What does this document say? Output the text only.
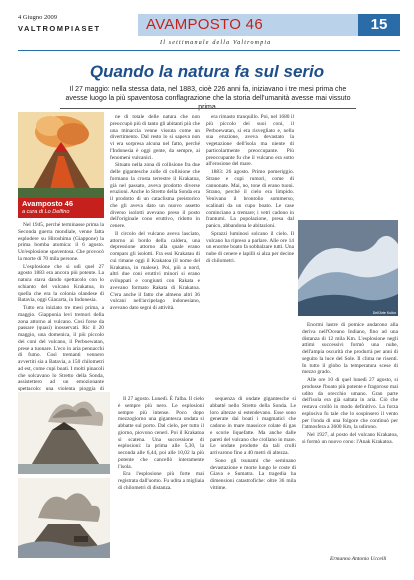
4 Giugno 2009
VALTROMPIASET	AVAMPOSTO 46	15
Il settimanale della Valtrompia
Quando la natura fa sul serio
Il 27 maggio: nella stessa data, nel 1883, cioè 226 anni fa, iniziavano i tre mesi prima che avesse luogo la più spaventosa conflagrazione che la storia dell'umanità avesse mai vissuto
Avamposto 46
a cura di Lo Delfino

Nel 1945, perché terminasse prima la Seconda guerra mondiale, venne fatta esplodere su Hiroshima (Giappone) la prima bomba atomica: il 6 agosto. Un'esplosione spaventosa. Che provocò la morte di 70 mila persone.

L'esplosione che si udì quel 27 agosto 1883 era ancora più potente. La natura stava dando spettacolo con lo schianto del vulcano Krakatoa, in quella che era la colonia olandese di Batavia, oggi Giacarta, in Indonesia.

Tutto era iniziato tre mesi prima, a maggio. Giapponia levi tremori della zona attorno al vulcano. Così forse da passare (quasi) inosservati. Ric il 20 maggio, una domenica, il più piccolo dei coni del vulcano, il Perboewatan, prese a tuonare. L'eco in aria pennacchi di fumo. Così tremanti vennero avvertiti sia a Batavia, a 150 chilometri ad est, come cupi boati. I molti pinacoli che solcavano lo Stretto della Sonda, assistettero ad un emozionante spettacolo: una violenta pioggia di

ne di totale delle natura che non preoccupò più di tanto gli abitanti più che una minaccia venne vissuta come un divertimento. Dal resto lo si sapeva non vi era sorpresa alcuna nel fatto, perché l'Indonesia è oggi gente, da sempre, ai fenomeni vulcanici.

Situato nella zona di collisione fra due delle gigantesche zolle di collisione che formano la crosta terrestre il Krakatoa, già nel passato, aveva prodotto diverse eruzioni. Anche lo Stretto della Sonda era il prodotto di un cataclisma preistorico che gli aveva dato un nuovo assetto diverso isolotti avevano preso il posto dell'originale cono eruttivo, ridotto in cenere.

Il circolo del vulcano aveva lasciato, attorno ai bordo della caldera, una depressione attorno alla quale erano compars gli isolotti. Fra essi Krakatau di cui rimane oggi il Krakatoa (il nome del Krakatoa, in malese). Poi, più a nord, altri due coni eruttivi minori si erano sviluppati e congiunti con Rakata e avevano formato Rakata di Krakatoa. C'era anche il fatto che almeno altri 36 vulcani nell'arcipelago indonesiano, avevano dato segni di attività.

era rimasto tranquillo. Poi, nel 1680 il più piccolo dei suoi coni, il Perboewatan, si era risvegliato e, nella sua eruzione, aveva devastato la vegetazione dell'isola ma niente di particolarmente preoccupante. Più preoccupante fu che il vulcano era sotto all'erosione del mare.

1883: 26 agosto. Primo pomeriggio. Strane e cupi rumori, come di cannonate. Mai, no, tone di erano tuoni. Strano, perché il cielo era limpido. Venivano il brontolio sommerso, scalinati da un cupo boato. Le case cominciano a tremare; i vetri cadono in frantumi. La popolazione, presa dal panico, abbandona le abitazioni.

Sprazzi luminosi solcano il cielo. Il vulcano ha ripreso a parlare. Alle ore 14 un enorme boato fa sobbalzare tutti. Una nube di cenere e lapilli si alza per decine di chilometri.

Dell'Arte Kultur

Enormi lastre di pomice andarono alla deriva nell'Oceano Indiano, fino ad una distanza di 12 mila Km. L'esplosione negli attimi successivi formò una nube, dell'ampia oscurità che produrrà per anni di seguito la luce del Sole. Il clima ne risentì. In tutto il globo la temperatura scese di mezzo grado.

Alle ore 10 di quel lunedì 27 agosto, si produsse l'boato più potente e fragoroso mai udito da orecchio umano. Gran parte dell'isola era già saltata in aria. Ciò che restava crollò in modo definitivo. La forza esplosiva fu tale che lo sospinsero il vento per l'onda di una folgore che continuò per l'atmosfera a 3600 Km, la udirono.

Nel 1927, al posto del vulcano Krakatoa, si formò un nuovo cono: l'Anak Krakatoa.

Il 27 agosto. Lunedì. È l'alba. Il cielo è sempre più nero. Le esplosioni sempre più intense. Poco dopo mezzogiorno una gigantesca ondata si abbatte sul porto. Dal cielo, per tutto il giorno, piovono ceneri. Poi il Krakatoa si scatena. Una successione di esplosioni: la prima alle 5,30, la seconda alle 6,44, poi alle 10,02 la più potente che cancellò interamente l'isola.

Era l'esplosione più forte mai registrata dall'uomo. Fu udita a migliaia di chilometri di distanza.

sequenza di ondate gigantesche si abbatté nello Stretto della Sonda. Le loro altezze si estendevano. Esse sono generate dai boati i magmatici che cadono in mare massicce colate di gas e scorie liquefatte. Ma anche dalle pareti del vulcano che crollano in mare. Le ondate prodotte da tali crolli arrivarono fino a 40 metri di altezza.

Sono gli tsunami che seminano devastazione e morte lungo le coste di Giava e Sumatra. La tragedia ha dimensioni catastrofiche: oltre 36 mila vittime.

Ermanno Antonio Uccelli
